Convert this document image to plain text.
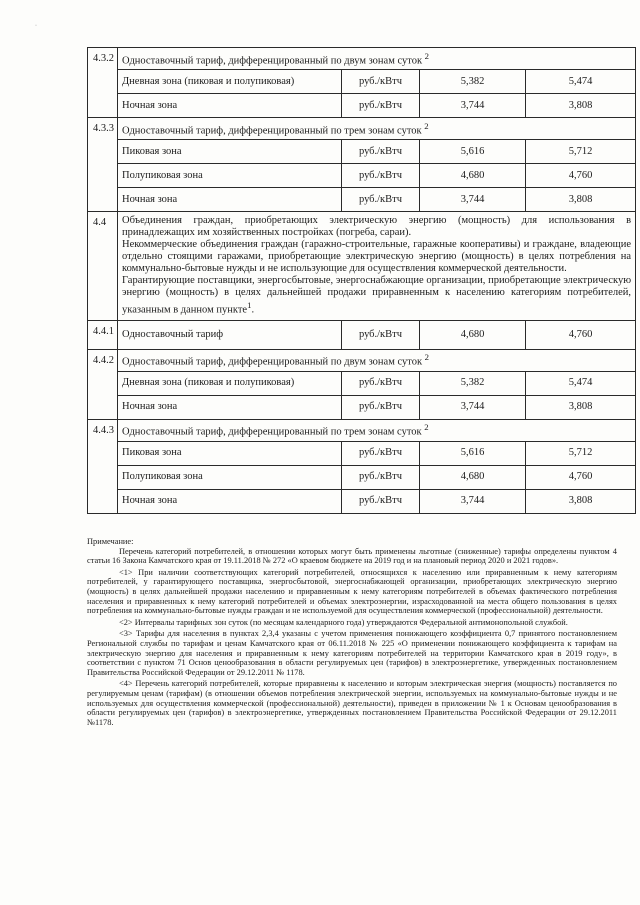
·
4.3.2	Одноставочный тариф, дифференцированный по двум зонам суток $^2$
	Дневная зона (пиковая и полупиковая)	руб./кВтч	5,382	5,474
	Ночная зона	руб./кВтч	3,744	3,808
4.3.3	Одноставочный тариф, дифференцированный по трем зонам суток $^2$
	Пиковая зона	руб./кВтч	5,616	5,712
	Полупиковая зона	руб./кВтч	4,680	4,760
	Ночная зона	руб./кВтч	3,744	3,808
4.4	Объединения граждан, приобретающих электрическую энергию (мощность) для использования в принадлежащих им хозяйственных постройках (погреба, сараи).

Некоммерческие объединения граждан (гаражно-строительные, гаражные кооперативы) и граждане, владеющие отдельно стоящими гаражами, приобретающие электрическую энергию (мощность) в целях потребления на коммунально-бытовые нужды и не использующие для осуществления коммерческой деятельности.

Гарантирующие поставщики, энергосбытовые, энергоснабжающие организации, приобретающие электрическую энергию (мощность) в целях дальнейшей продажи приравненным к населению категориям потребителей, указанным в данном пункте$^1$.			

4.4.1	Одноставочный тариф	руб./кВтч	4,680	4,760
4.4.2	Одноставочный тариф, дифференцированный по двум зонам суток $^2$
	Дневная зона (пиковая и полупиковая)	руб./кВтч	5,382	5,474
	Ночная зона	руб./кВтч	3,744	3,808
4.4.3	Одноставочный тариф, дифференцированный по трем зонам суток $^2$
	Пиковая зона	руб./кВтч	5,616	5,712
	Полупиковая зона	руб./кВтч	4,680	4,760
	Ночная зона	руб./кВтч	3,744	3,808

Примечание:

Перечень категорий потребителей, в отношении которых могут быть применены льготные (сниженные) тарифы определены пунктом 4 статьи 16 Закона Камчатского края от 19.11.2018 № 272 «О краевом бюджете на 2019 год и на плановый период 2020 и 2021 годов».

<1> При наличии соответствующих категорий потребителей, относящихся к населению или приравненным к нему категориям потребителей, у гарантирующего поставщика, энергосбытовой, энергоснабжающей организации, приобретающих электрическую энергию (мощность) в целях дальнейшей продажи населению и приравненным к нему категориям потребителей в объемах фактического потребления населения и приравненных к нему категорий потребителей и объемах электроэнергии, израсходованной на места общего пользования в целях потребления на коммунально-бытовые нужды граждан и не используемой для осуществления коммерческой (профессиональной) деятельности.

<2> Интервалы тарифных зон суток (по месяцам календарного года) утверждаются Федеральной антимонопольной службой.

<3> Тарифы для населения в пунктах 2,3,4 указаны с учетом применения понижающего коэффициента 0,7 принятого постановлением Региональной службы по тарифам и ценам Камчатского края от 06.11.2018 № 225 «О применении понижающего коэффициента к тарифам на электрическую энергию для населения и приравненным к нему категориям потребителей на территории Камчатского края в 2019 году», в соответствии с пунктом 71 Основ ценообразования в области регулируемых цен (тарифов) в электроэнергетике, утвержденных постановлением Правительства Российской Федерации от 29.12.2011 № 1178.

<4> Перечень категорий потребителей, которые приравнены к населению и которым электрическая энергия (мощность) поставляется по регулируемым ценам (тарифам) (в отношении объемов потребления электрической энергии, используемых на коммунально-бытовые нужды и не используемых для осуществления коммерческой (профессиональной) деятельности), приведен в приложении № 1 к Основам ценообразования в области регулируемых цен (тарифов) в электроэнергетике, утвержденных постановлением Правительства Российской Федерации от 29.12.2011 №1178.
